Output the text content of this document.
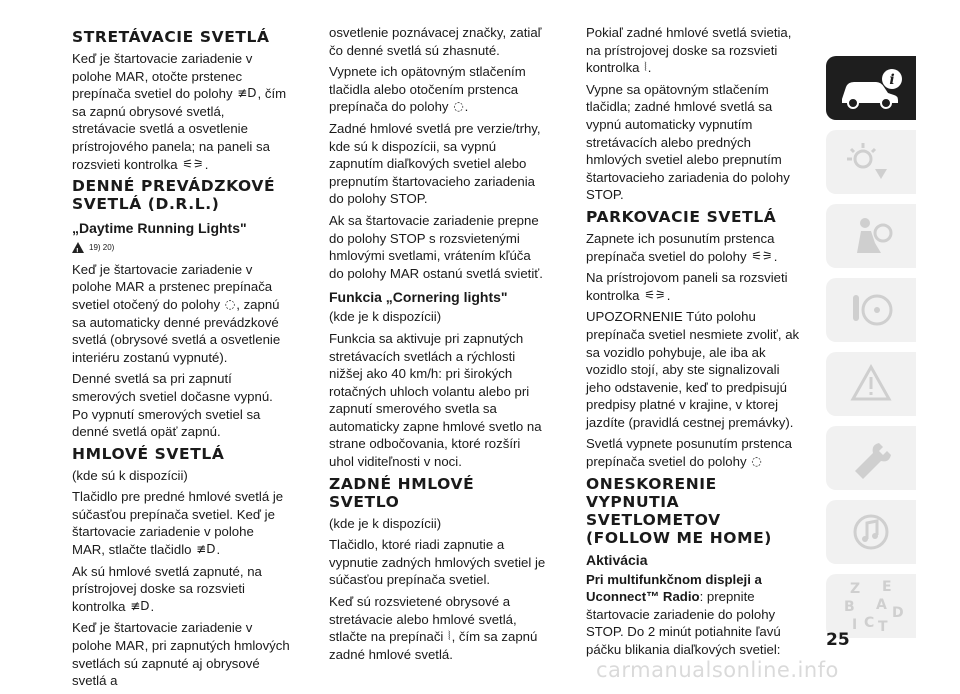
STRETÁVACIE SVETLÁ

Keď je štartovacie zariadenie v polohe MAR, otočte prstenec prepínača svetiel do polohy ≢D, čím sa zapnú obrysové svetlá, stretávacie svetlá a osvetlenie prístrojového panela; na paneli sa rozsvieti kontrolka ⚟⚞.

DENNÉ PREVÁDZKOVÉ SVETLÁ (D.R.L.)
„Daytime Running Lights"
!
19) 20)

Keď je štartovacie zariadenie v polohe MAR a prstenec prepínača svetiel otočený do polohy ◌, zapnú sa automaticky denné prevádzkové svetlá (obrysové svetlá a osvetlenie interiéru zostanú vypnuté).

Denné svetlá sa pri zapnutí smerových svetiel dočasne vypnú. Po vypnutí smerových svetiel sa denné svetlá opäť zapnú.

HMLOVÉ SVETLÁ

(kde sú k dispozícii)

Tlačidlo pre predné hmlové svetlá je súčasťou prepínača svetiel. Keď je štartovacie zariadenie v polohe MAR, stlačte tlačidlo ≢D.

Ak sú hmlové svetlá zapnuté, na prístrojovej doske sa rozsvieti kontrolka ≢D.

Keď je štartovacie zariadenie v polohe MAR, pri zapnutých hmlových svetlách sú zapnuté aj obrysové svetlá a

osvetlenie poznávacej značky, zatiaľ čo denné svetlá sú zhasnuté.

Vypnete ich opätovným stlačením tlačidla alebo otočením prstenca prepínača do polohy ◌.

Zadné hmlové svetlá pre verzie/trhy, kde sú k dispozícii, sa vypnú zapnutím diaľkových svetiel alebo prepnutím štartovacieho zariadenia do polohy STOP.

Ak sa štartovacie zariadenie prepne do polohy STOP s rozsvietenými hmlovými svetlami, vrátením kľúča do polohy MAR ostanú svetlá svietiť.

Funkcia „Cornering lights"

(kde je k dispozícii)

Funkcia sa aktivuje pri zapnutých stretávacích svetlách a rýchlosti nižšej ako 40 km/h: pri širokých rotačných uhloch volantu alebo pri zapnutí smerového svetla sa automaticky zapne hmlové svetlo na strane odbočovania, ktoré rozšíri uhol viditeľnosti v noci.

ZADNÉ HMLOVÉ SVETLO

(kde je k dispozícii)

Tlačidlo, ktoré riadi zapnutie a vypnutie zadných hmlových svetiel je súčasťou prepínača svetiel.

Keď sú rozsvietené obrysové a stretávacie alebo hmlové svetlá, stlačte na prepínači ⦚, čím sa zapnú zadné hmlové svetlá.

Pokiaľ zadné hmlové svetlá svietia, na prístrojovej doske sa rozsvieti kontrolka ⦚.

Vypne sa opätovným stlačením tlačidla; zadné hmlové svetlá sa vypnú automaticky vypnutím stretávacích alebo predných hmlových svetiel alebo prepnutím štartovacieho zariadenia do polohy STOP.

PARKOVACIE SVETLÁ

Zapnete ich posunutím prstenca prepínača svetiel do polohy ⚟⚞.

Na prístrojovom paneli sa rozsvieti kontrolka ⚟⚞.

UPOZORNENIE Túto polohu prepínača svetiel nesmiete zvoliť, ak sa vozidlo pohybuje, ale iba ak vozidlo stojí, aby ste signalizovali jeho odstavenie, keď to predpisujú predpisy platné v krajine, v ktorej jazdíte (pravidlá cestnej premávky).

Svetlá vypnete posunutím prstenca prepínača svetiel do polohy ◌

ONESKORENIE VYPNUTIA SVETLOMETOV (FOLLOW ME HOME)
Aktivácia

Pri multifunkčnom displeji a Uconnect™ Radio: prepnite štartovacie zariadenie do polohy STOP. Do 2 minút potiahnite ľavú páčku blikania diaľkových svetiel:

i
Z E
B A
C
D
I T
25
carmanualsonline.info
